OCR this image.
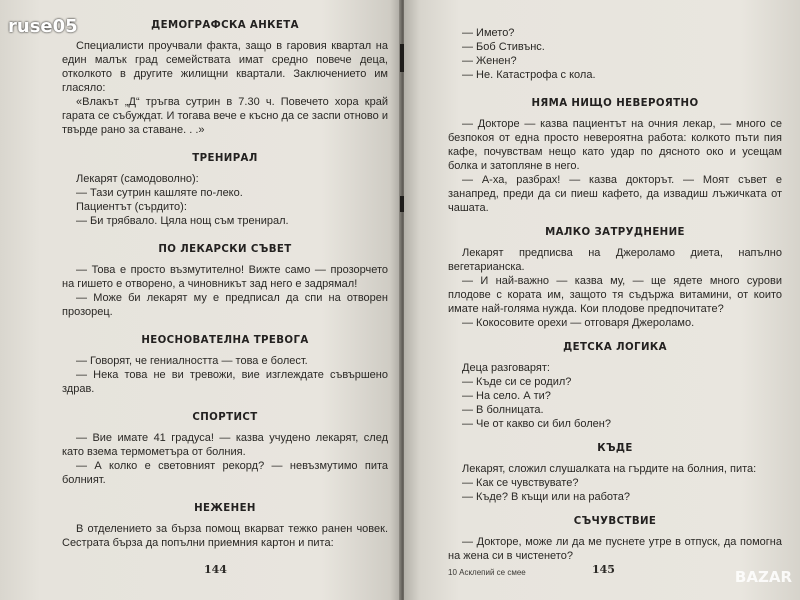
ДЕМОГРАФСКА АНКЕТА

Специалисти проучвали факта, защо в гаровия квартал на един малък град семействата имат средно повече деца, отколкото в другите жилищни квартали. Заключението им гласяло:

«Влакът „Д“ тръгва сутрин в 7.30 ч. Повечето хора край гарата се събуждат. И тогава вече е късно да се заспи отново и твърде рано за ставане. . .»

ТРЕНИРАЛ

Лекарят (самодоволно):

— Тази сутрин кашляте по-леко.

Пациентът (сърдито):

— Би трябвало. Цяла нощ съм тренирал.

ПО ЛЕКАРСКИ СЪВЕТ

— Това е просто възмутително! Вижте само — прозорчето на гишето е отворено, а чиновникът зад него е задрямал!

— Може би лекарят му е предписал да спи на отворен прозорец.

НЕОСНОВАТЕЛНА ТРЕВОГА

— Говорят, че гениалността — това е болест.

— Нека това не ви тревожи, вие изглеждате съвършено здрав.

СПОРТИСТ

— Вие имате 41 градуса! — казва учудено лекарят, след като взема термометъра от болния.

— А колко е световният рекорд? — невъзмутимо пита болният.

НЕЖЕНЕН

В отделението за бърза помощ вкарват тежко ранен човек. Сестрата бърза да попълни приемния картон и пита:

144

— Името?

— Боб Стивънс.

— Женен?

— Не. Катастрофа с кола.

НЯМА НИЩО НЕВЕРОЯТНО

— Докторе — казва пациентът на очния лекар, — много се безпокоя от една просто невероятна работа: колкото пъти пия кафе, почувствам нещо като удар по дясното око и усещам болка и затопляне в него.

— А-ха, разбрах! — казва докторът. — Моят съвет е занапред, преди да си пиеш кафето, да извадиш лъжичката от чашата.

МАЛКО ЗАТРУДНЕНИЕ

Лекарят предписва на Джероламо диета, напълно вегетарианска.

— И най-важно — казва му, — ще ядете много сурови плодове с кората им, защото тя съдържа витамини, от които имате най-голяма нужда. Кои плодове предпочитате?

— Кокосовите орехи — отговаря Джероламо.

ДЕТСКА ЛОГИКА

Деца разговарят:

— Къде си се родил?

— На село. А ти?

— В болницата.

— Че от какво си бил болен?

КЪДЕ

Лекарят, сложил слушалката на гърдите на болния, пита:

— Как се чувствувате?

— Къде? В къщи или на работа?

СЪЧУВСТВИЕ

— Докторе, може ли да ме пуснете утре в отпуск, да помогна на жена си в чистенето?

10 Асклепий се смее	145
ruse05
BAZAR
